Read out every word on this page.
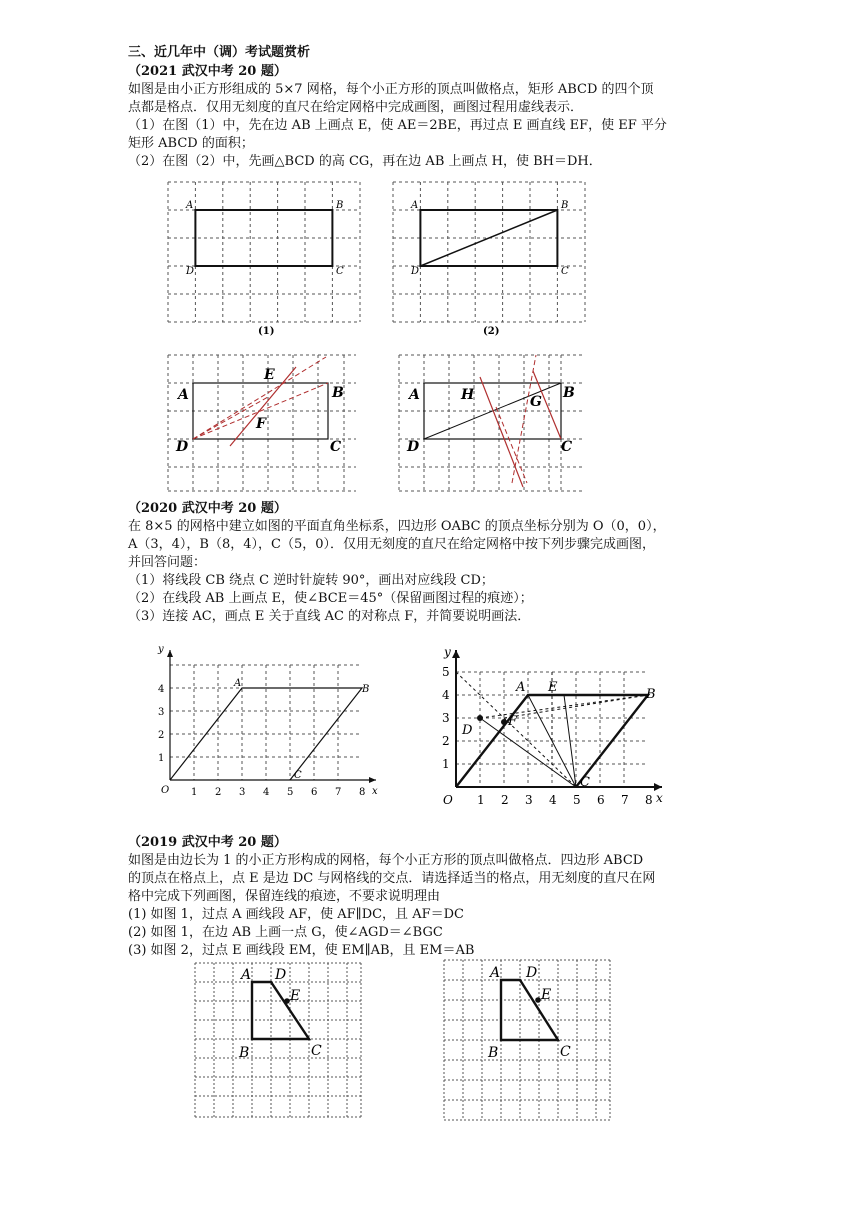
三、近几年中（调）考试题赏析
（2021 武汉中考 20 题）
如图是由小正方形组成的 5×7 网格，每个小正方形的顶点叫做格点，矩形 ABCD 的四个顶
点都是格点．仅用无刻度的直尺在给定网格中完成画图，画图过程用虚线表示．
（1）在图（1）中，先在边 AB 上画点 E，使 AE＝2BE，再过点 E 画直线 EF，使 EF 平分
矩形 ABCD 的面积；
（2）在图（2）中，先画△BCD 的高 CG，再在边 AB 上画点 H，使 BH＝DH．
A	B
C
D
(1)
A	B
C
D
(2)
A	B
C
D
E
F
A	H	G
B
C
D
（2020 武汉中考 20 题）
在 8×5 的网格中建立如图的平面直角坐标系，四边形 OABC 的顶点坐标分别为 O（0，0），
A（3，4），B（8，4），C（5，0）．仅用无刻度的直尺在给定网格中按下列步骤完成画图，
并回答问题：
（1）将线段 CB 绕点 C 逆时针旋转 90°，画出对应线段 CD；
（2）在线段 AB 上画点 E，使∠BCE＝45°（保留画图过程的痕迹）；
（3）连接 AC，画点 E 关于直线 AC 的对称点 F，并简要说明画法．
y
x
O 1 2 3 4 5 6 7 8
1
2
3
4
A
B
C
y
x
O 1 2 3 4 5 6 7 8
1
2
3
4
5
A E	B
F
D
C
（2019 武汉中考 20 题）
如图是由边长为 1 的小正方形构成的网格，每个小正方形的顶点叫做格点．四边形 ABCD
的顶点在格点上，点 E 是边 DC 与网格线的交点．请选择适当的格点，用无刻度的直尺在网
格中完成下列画图，保留连线的痕迹，不要求说明理由
(1) 如图 1，过点 A 画线段 AF，使 AF∥DC，且 AF＝DC
(2) 如图 1，在边 AB 上画一点 G，使∠AGD＝∠BGC
(3) 如图 2，过点 E 画线段 EM，使 EM∥AB，且 EM＝AB
A D
E
B	C
A D
E
B	C
